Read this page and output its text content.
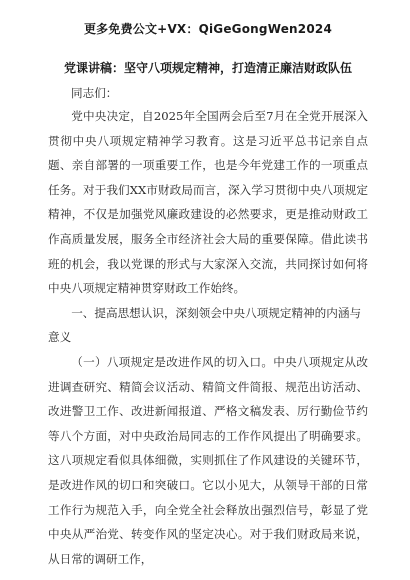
更多免费公文+VX：QiGeGongWen2024
党课讲稿：坚守八项规定精神，打造清正廉洁财政队伍

同志们：

党中央决定，自2025年全国两会后至7月在全党开展深入贯彻中央八项规定精神学习教育。这是习近平总书记亲自点题、亲自部署的一项重要工作，也是今年党建工作的一项重点任务。对于我们XX市财政局而言，深入学习贯彻中央八项规定精神，不仅是加强党风廉政建设的必然要求，更是推动财政工作高质量发展，服务全市经济社会大局的重要保障。借此读书班的机会，我以党课的形式与大家深入交流，共同探讨如何将中央八项规定精神贯穿财政工作始终。

一、提高思想认识，深刻领会中央八项规定精神的内涵与意义

（一）八项规定是改进作风的切入口。中央八项规定从改进调查研究、精简会议活动、精简文件简报、规范出访活动、改进警卫工作、改进新闻报道、严格文稿发表、厉行勤俭节约等八个方面，对中央政治局同志的工作作风提出了明确要求。这八项规定看似具体细微，实则抓住了作风建设的关键环节，是改进作风的切口和突破口。它以小见大，从领导干部的日常工作行为规范入手，向全党全社会释放出强烈信号，彰显了党中央从严治党、转变作风的坚定决心。对于我们财政局来说，从日常的调研工作，
